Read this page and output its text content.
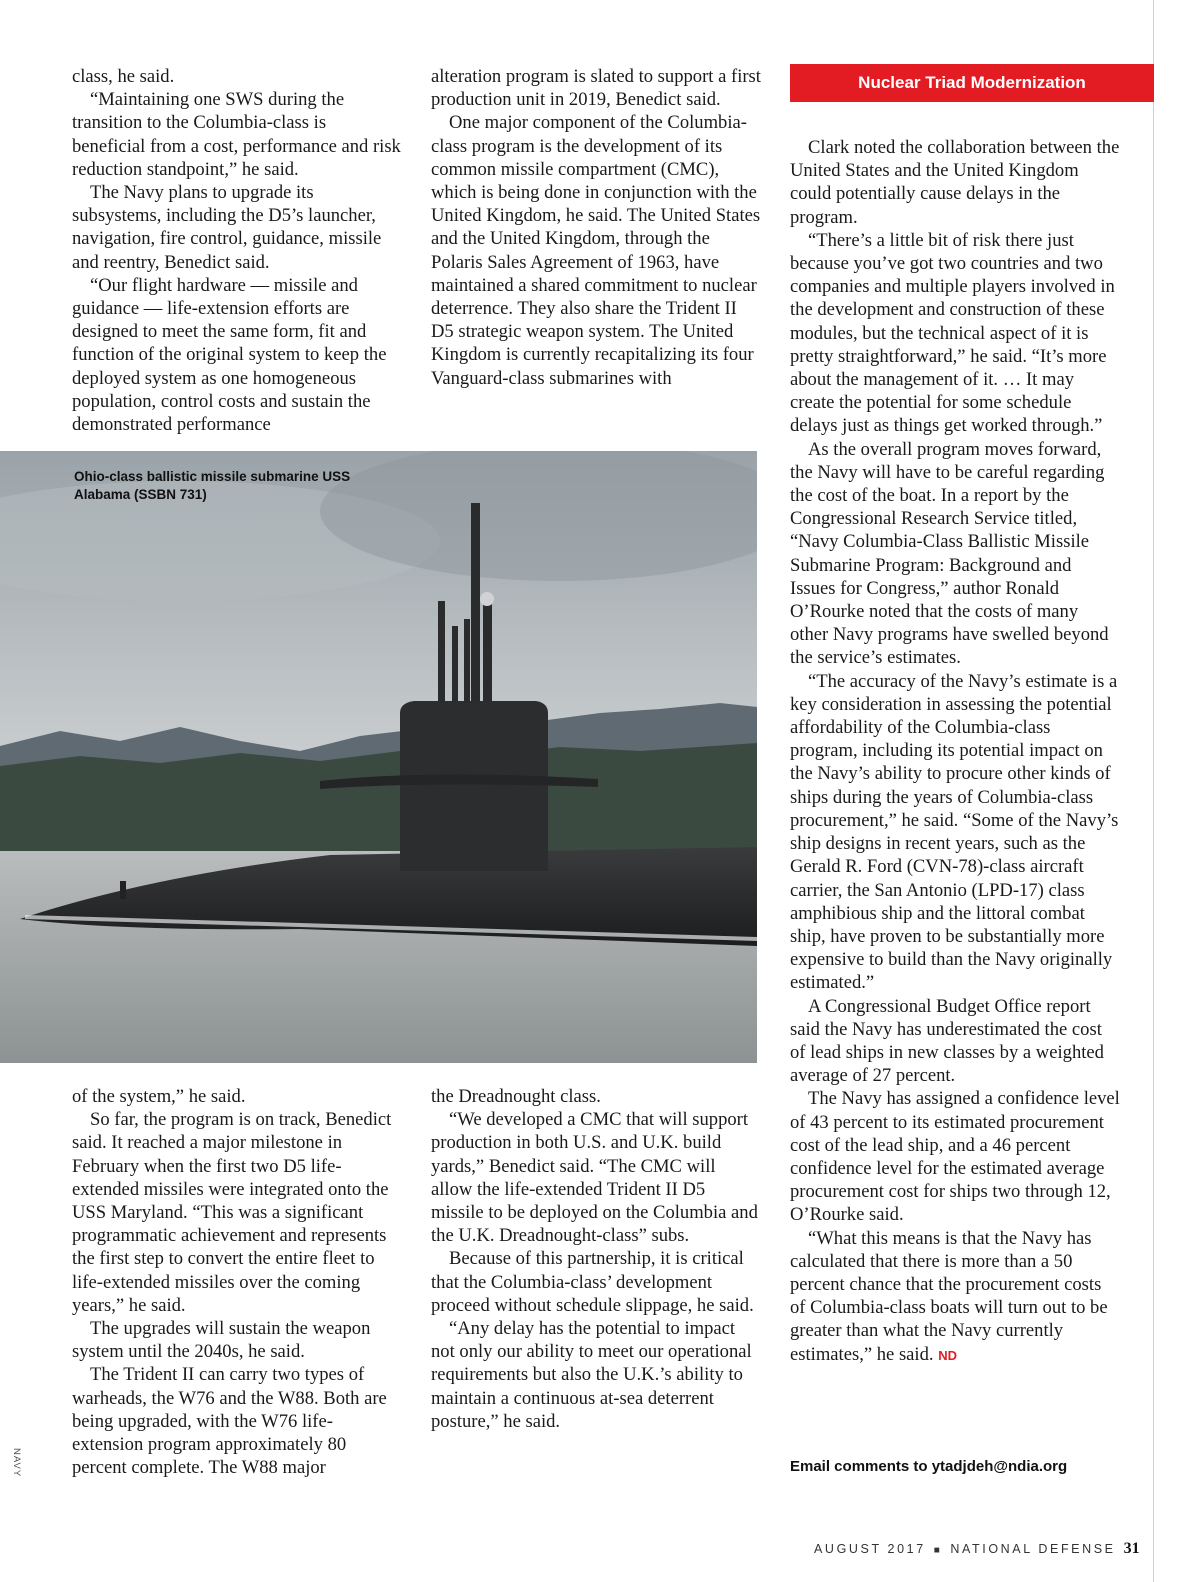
class, he said.

“Maintaining one SWS during the transition to the Columbia-class is beneficial from a cost, performance and risk reduction standpoint,” he said.

The Navy plans to upgrade its subsystems, including the D5’s launcher, navigation, fire control, guidance, missile and reentry, Benedict said.

“Our flight hardware — missile and guidance — life-extension efforts are designed to meet the same form, fit and function of the original system to keep the deployed system as one homogeneous population, control costs and sustain the demonstrated performance

alteration program is slated to support a first production unit in 2019, Benedict said.

One major component of the Columbia-class program is the development of its common missile compartment (CMC), which is being done in conjunction with the United Kingdom, he said. The United States and the United Kingdom, through the Polaris Sales Agreement of 1963, have maintained a shared commitment to nuclear deterrence. They also share the Trident II D5 strategic weapon system. The United Kingdom is currently recapitalizing its four Vanguard-class submarines with

Nuclear Triad Modernization

Clark noted the collaboration between the United States and the United Kingdom could potentially cause delays in the program.

“There’s a little bit of risk there just because you’ve got two countries and two companies and multiple players involved in the development and construction of these modules, but the technical aspect of it is pretty straightforward,” he said. “It’s more about the management of it. … It may create the potential for some schedule delays just as things get worked through.”

As the overall program moves forward, the Navy will have to be careful regarding the cost of the boat. In a report by the Congressional Research Service titled, “Navy Columbia-Class Ballistic Missile Submarine Program: Background and Issues for Congress,” author Ronald O’Rourke noted that the costs of many other Navy programs have swelled beyond the service’s estimates.

“The accuracy of the Navy’s estimate is a key consideration in assessing the potential affordability of the Columbia-class program, including its potential impact on the Navy’s ability to procure other kinds of ships during the years of Columbia-class procurement,” he said. “Some of the Navy’s ship designs in recent years, such as the Gerald R. Ford (CVN-78)-class aircraft carrier, the San Antonio (LPD-17) class amphibious ship and the littoral combat ship, have proven to be substantially more expensive to build than the Navy originally estimated.”

A Congressional Budget Office report said the Navy has underestimated the cost of lead ships in new classes by a weighted average of 27 percent.

The Navy has assigned a confidence level of 43 percent to its estimated procurement cost of the lead ship, and a 46 percent confidence level for the estimated average procurement cost for ships two through 12, O’Rourke said.

“What this means is that the Navy has calculated that there is more than a 50 percent chance that the procurement costs of Columbia-class boats will turn out to be greater than what the Navy currently estimates,” he said. ND

Ohio-class ballistic missile submarine USS Alabama (SSBN 731)

of the system,” he said.

So far, the program is on track, Benedict said. It reached a major milestone in February when the first two D5 life-extended missiles were integrated onto the USS Maryland. “This was a significant programmatic achievement and represents the first step to convert the entire fleet to life-extended missiles over the coming years,” he said.

The upgrades will sustain the weapon system until the 2040s, he said.

The Trident II can carry two types of warheads, the W76 and the W88. Both are being upgraded, with the W76 life-extension program approximately 80 percent complete. The W88 major

the Dreadnought class.

“We developed a CMC that will support production in both U.S. and U.K. build yards,” Benedict said. “The CMC will allow the life-extended Trident II D5 missile to be deployed on the Columbia and the U.K. Dreadnought-class” subs.

Because of this partnership, it is critical that the Columbia-class’ development proceed without schedule slippage, he said.

“Any delay has the potential to impact not only our ability to meet our operational requirements but also the U.K.’s ability to maintain a continuous at-sea deterrent posture,” he said.

NAVY	Email comments to ytadjdeh@ndia.org
AUGUST 2017 ■ NATIONAL DEFENSE 31
